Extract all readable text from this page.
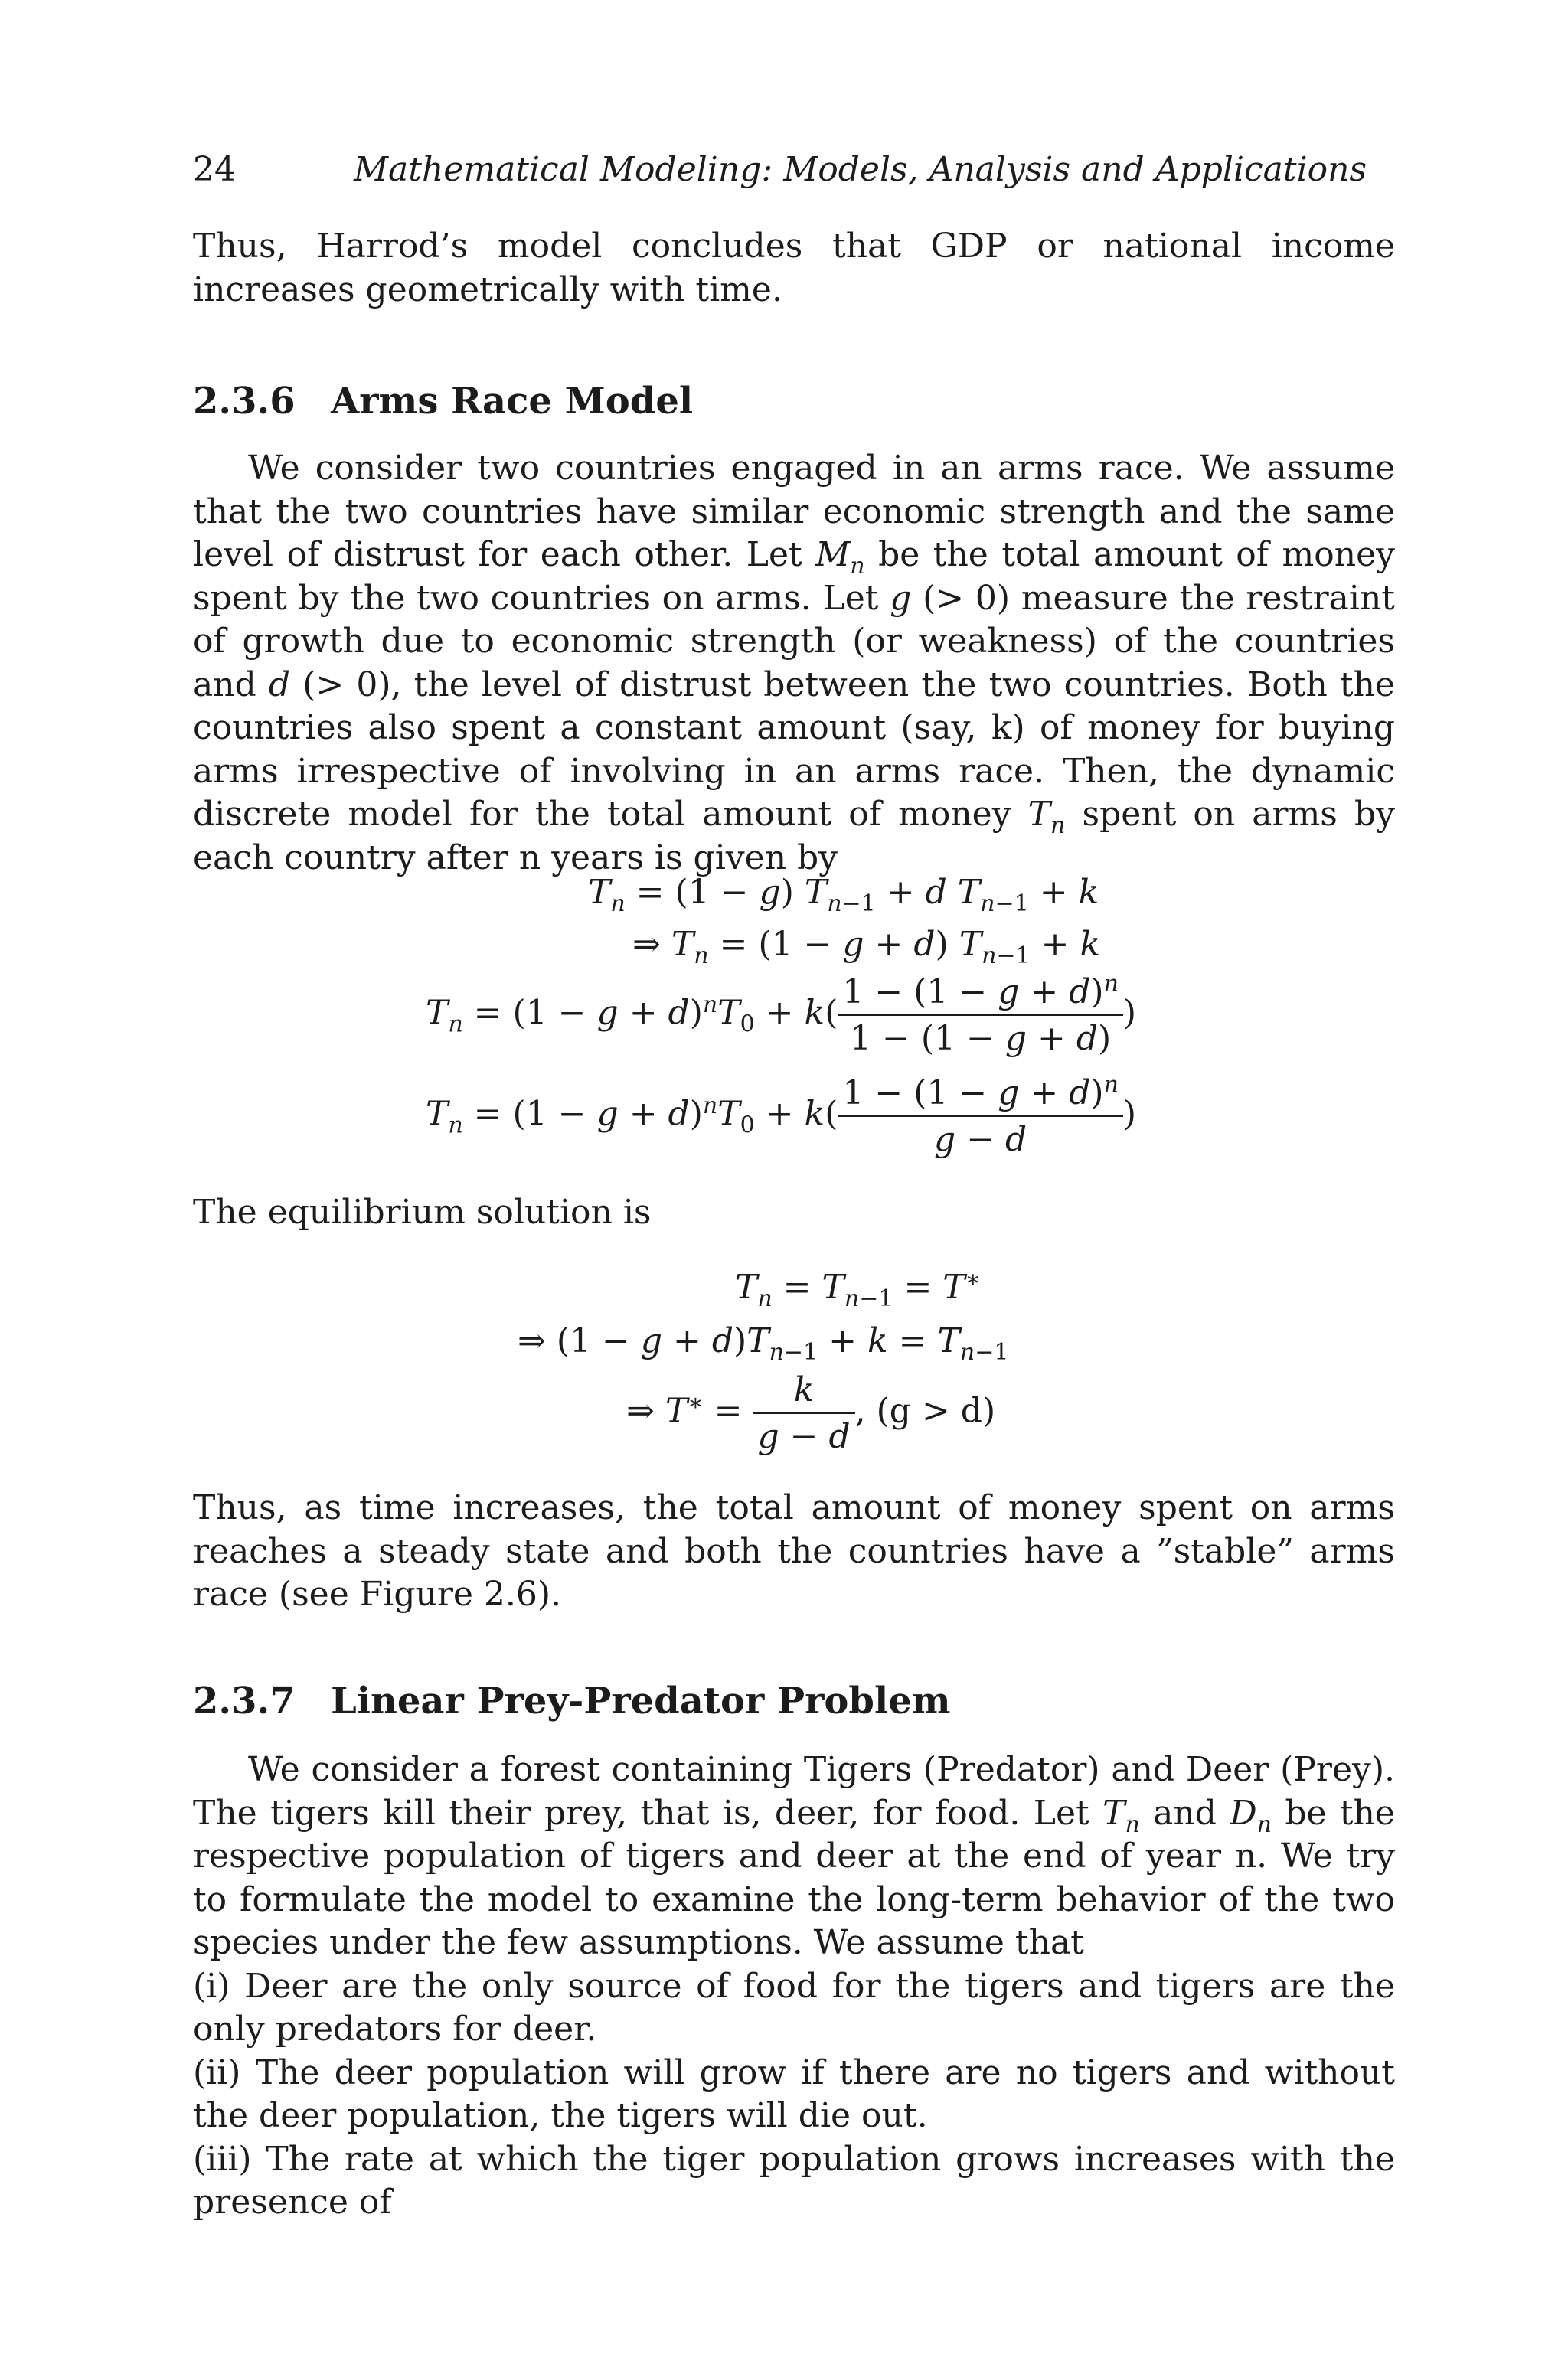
24	Mathematical Modeling: Models, Analysis and Applications

Thus, Harrod’s model concludes that GDP or national income increases geometrically with time.

2.3.6 Arms Race Model

We consider two countries engaged in an arms race. We assume that the two countries have similar economic strength and the same level of distrust for each other. Let $M_n$ be the total amount of money spent by the two countries on arms. Let g (> 0) measure the restraint of growth due to economic strength (or weakness) of the countries and d (> 0), the level of distrust between the two countries. Both the countries also spent a constant amount (say, k) of money for buying arms irrespective of involving in an arms race. Then, the dynamic discrete model for the total amount of money $T_n$ spent on arms by each country after n years is given by

$T_n = (1 - g) T_{n-1} + d$ $T_{n-1} + k$
⇒ $T_n = (1 - g + d) T_{n-1} + k$
$T_n = (1 - g + d)^nT_0 + k( \frac{1 - (1 - g + d)^n}{1 - (1 - g + d)}$ )
$T_n = (1 - g + d)^nT_0 + k( \frac{1 - (1 - g + d)^n}{g - d}$ )

The equilibrium solution is

$T_n = T_{n-1} = T^∗$
⇒ $(1 - g + d)T_{n-1} + k = T_{n-1}$
⇒ $T^∗ = \frac{k}{g - d}$ , (g > d)

Thus, as time increases, the total amount of money spent on arms reaches a steady state and both the countries have a ”stable” arms race (see Figure 2.6).

2.3.7 Linear Prey-Predator Problem

We consider a forest containing Tigers (Predator) and Deer (Prey). The tigers kill their prey, that is, deer, for food. Let $T_n$ and $D_n$ be the respective population of tigers and deer at the end of year n. We try to formulate the model to examine the long-term behavior of the two species under the few assumptions. We assume that

(i) Deer are the only source of food for the tigers and tigers are the only predators for deer.

(ii) The deer population will grow if there are no tigers and without the deer population, the tigers will die out.

(iii) The rate at which the tiger population grows increases with the presence of
